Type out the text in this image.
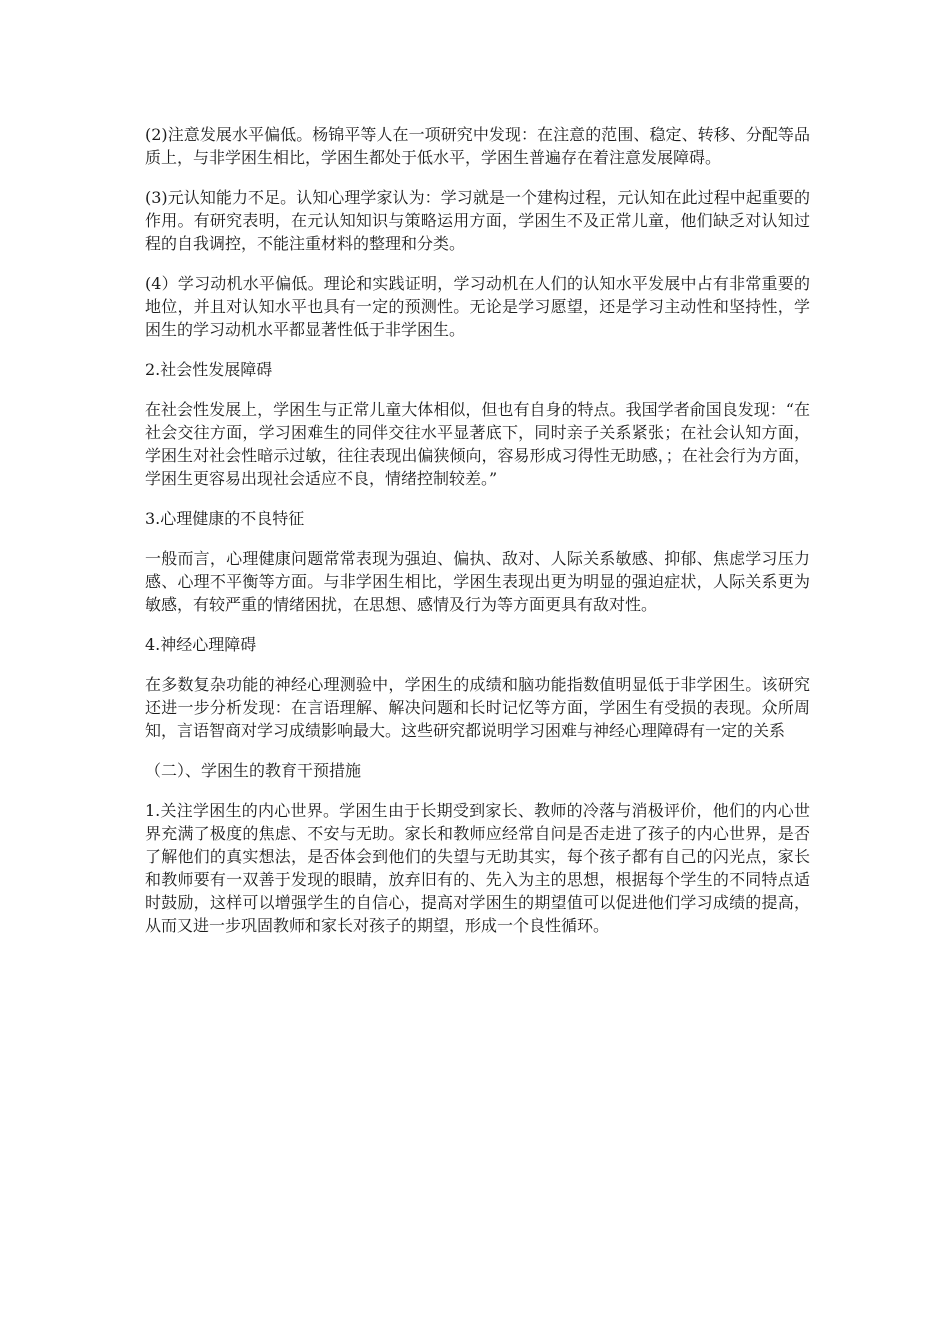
(2)注意发展水平偏低。杨锦平等人在一项研究中发现：在注意的范围、稳定、转移、分配等品质上，与非学困生相比，学困生都处于低水平，学困生普遍存在着注意发展障碍。

(3)元认知能力不足。认知心理学家认为：学习就是一个建构过程，元认知在此过程中起重要的作用。有研究表明，在元认知知识与策略运用方面，学困生不及正常儿童，他们缺乏对认知过程的自我调控，不能注重材料的整理和分类。

(4）学习动机水平偏低。理论和实践证明，学习动机在人们的认知水平发展中占有非常重要的地位，并且对认知水平也具有一定的预测性。无论是学习愿望，还是学习主动性和坚持性，学困生的学习动机水平都显著性低于非学困生。

2.社会性发展障碍

在社会性发展上，学困生与正常儿童大体相似，但也有自身的特点。我国学者俞国良发现：“在社会交往方面，学习困难生的同伴交往水平显著底下，同时亲子关系紧张；在社会认知方面，学困生对社会性暗示过敏，往往表现出偏狭倾向，容易形成习得性无助感，；在社会行为方面，学困生更容易出现社会适应不良，情绪控制较差。”

3.心理健康的不良特征

一般而言，心理健康问题常常表现为强迫、偏执、敌对、人际关系敏感、抑郁、焦虑学习压力感、心理不平衡等方面。与非学困生相比，学困生表现出更为明显的强迫症状，人际关系更为敏感，有较严重的情绪困扰，在思想、感情及行为等方面更具有敌对性。

4.神经心理障碍

在多数复杂功能的神经心理测验中，学困生的成绩和脑功能指数值明显低于非学困生。该研究还进一步分析发现：在言语理解、解决问题和长时记忆等方面，学困生有受损的表现。众所周知，言语智商对学习成绩影响最大。这些研究都说明学习困难与神经心理障碍有一定的关系

（二）、学困生的教育干预措施

1.关注学困生的内心世界。学困生由于长期受到家长、教师的冷落与消极评价，他们的内心世界充满了极度的焦虑、不安与无助。家长和教师应经常自问是否走进了孩子的内心世界，是否了解他们的真实想法，是否体会到他们的失望与无助其实，每个孩子都有自己的闪光点，家长和教师要有一双善于发现的眼睛，放弃旧有的、先入为主的思想，根据每个学生的不同特点适时鼓励，这样可以增强学生的自信心，提高对学困生的期望值可以促进他们学习成绩的提高，从而又进一步巩固教师和家长对孩子的期望，形成一个良性循环。
